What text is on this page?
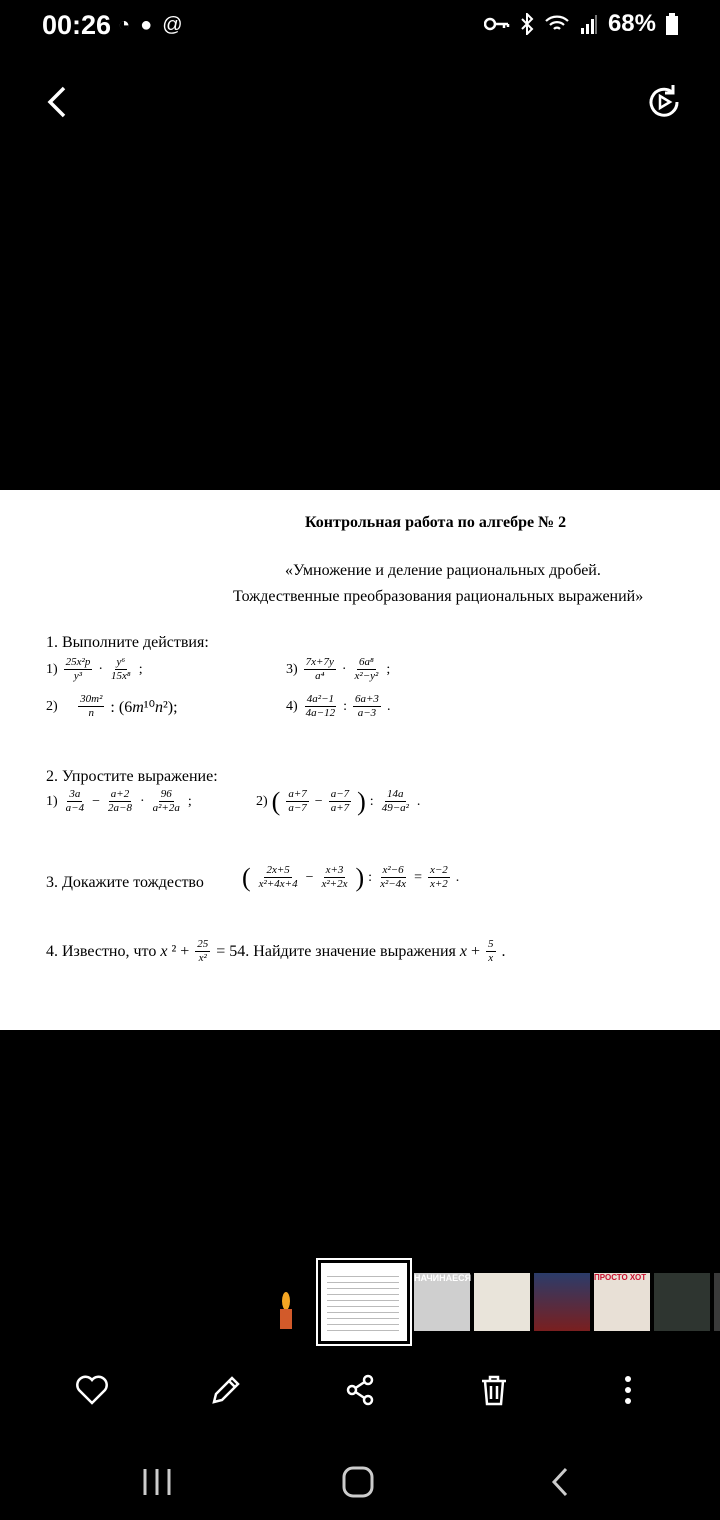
00:26 ◔ ● @	68%
Контрольная работа по алгебре № 2
«Умножение и деление рациональных дробей.
Тождественные преобразования рациональных выражений»
1. Выполните действия:
$1) \frac{\text{25x²p}}{\text{y³}} \cdot \frac{\text{y⁶}}{\text{15x⁸}}$ ;	$3) \frac{7x+7y}{\text{a⁴}} \cdot \frac{\text{6a⁸}}{\text{x²−y²}}$ ;
2)
$\frac{\text{30m²}}{n}$ : (6m¹⁰n²);	$4) \frac{\text{4a²−1}}{4a-12}$ : $\frac{6a+3}{a-3}$ .
2. Упростите выражение:
$1) \frac{3a}{a-4} - \frac{a+2}{2a-8} \cdot \frac{96}{\text{a²+2a}}$ ;	2) ( $\frac{a+7}{a-7} - \frac{a-7}{a+7}$ ) : $\frac{14a}{\text{49−a²}}$ .
3. Докажите тождество ( $\frac{2x+5}{\text{x²+4x+4}} - \frac{x+3}{\text{x²+2x}}$ ) : $\frac{\text{x²−6}}{\text{x²−4x}} = \frac{x-2}{x+2}$ .
4. Известно, что x $^2 + \frac{25}{\text{x²}} = 54$. Найдите значение выражения $x + \frac{5}{x}$ .
НАЧИНАЕСЯ	ПРОСТО ХОТ
